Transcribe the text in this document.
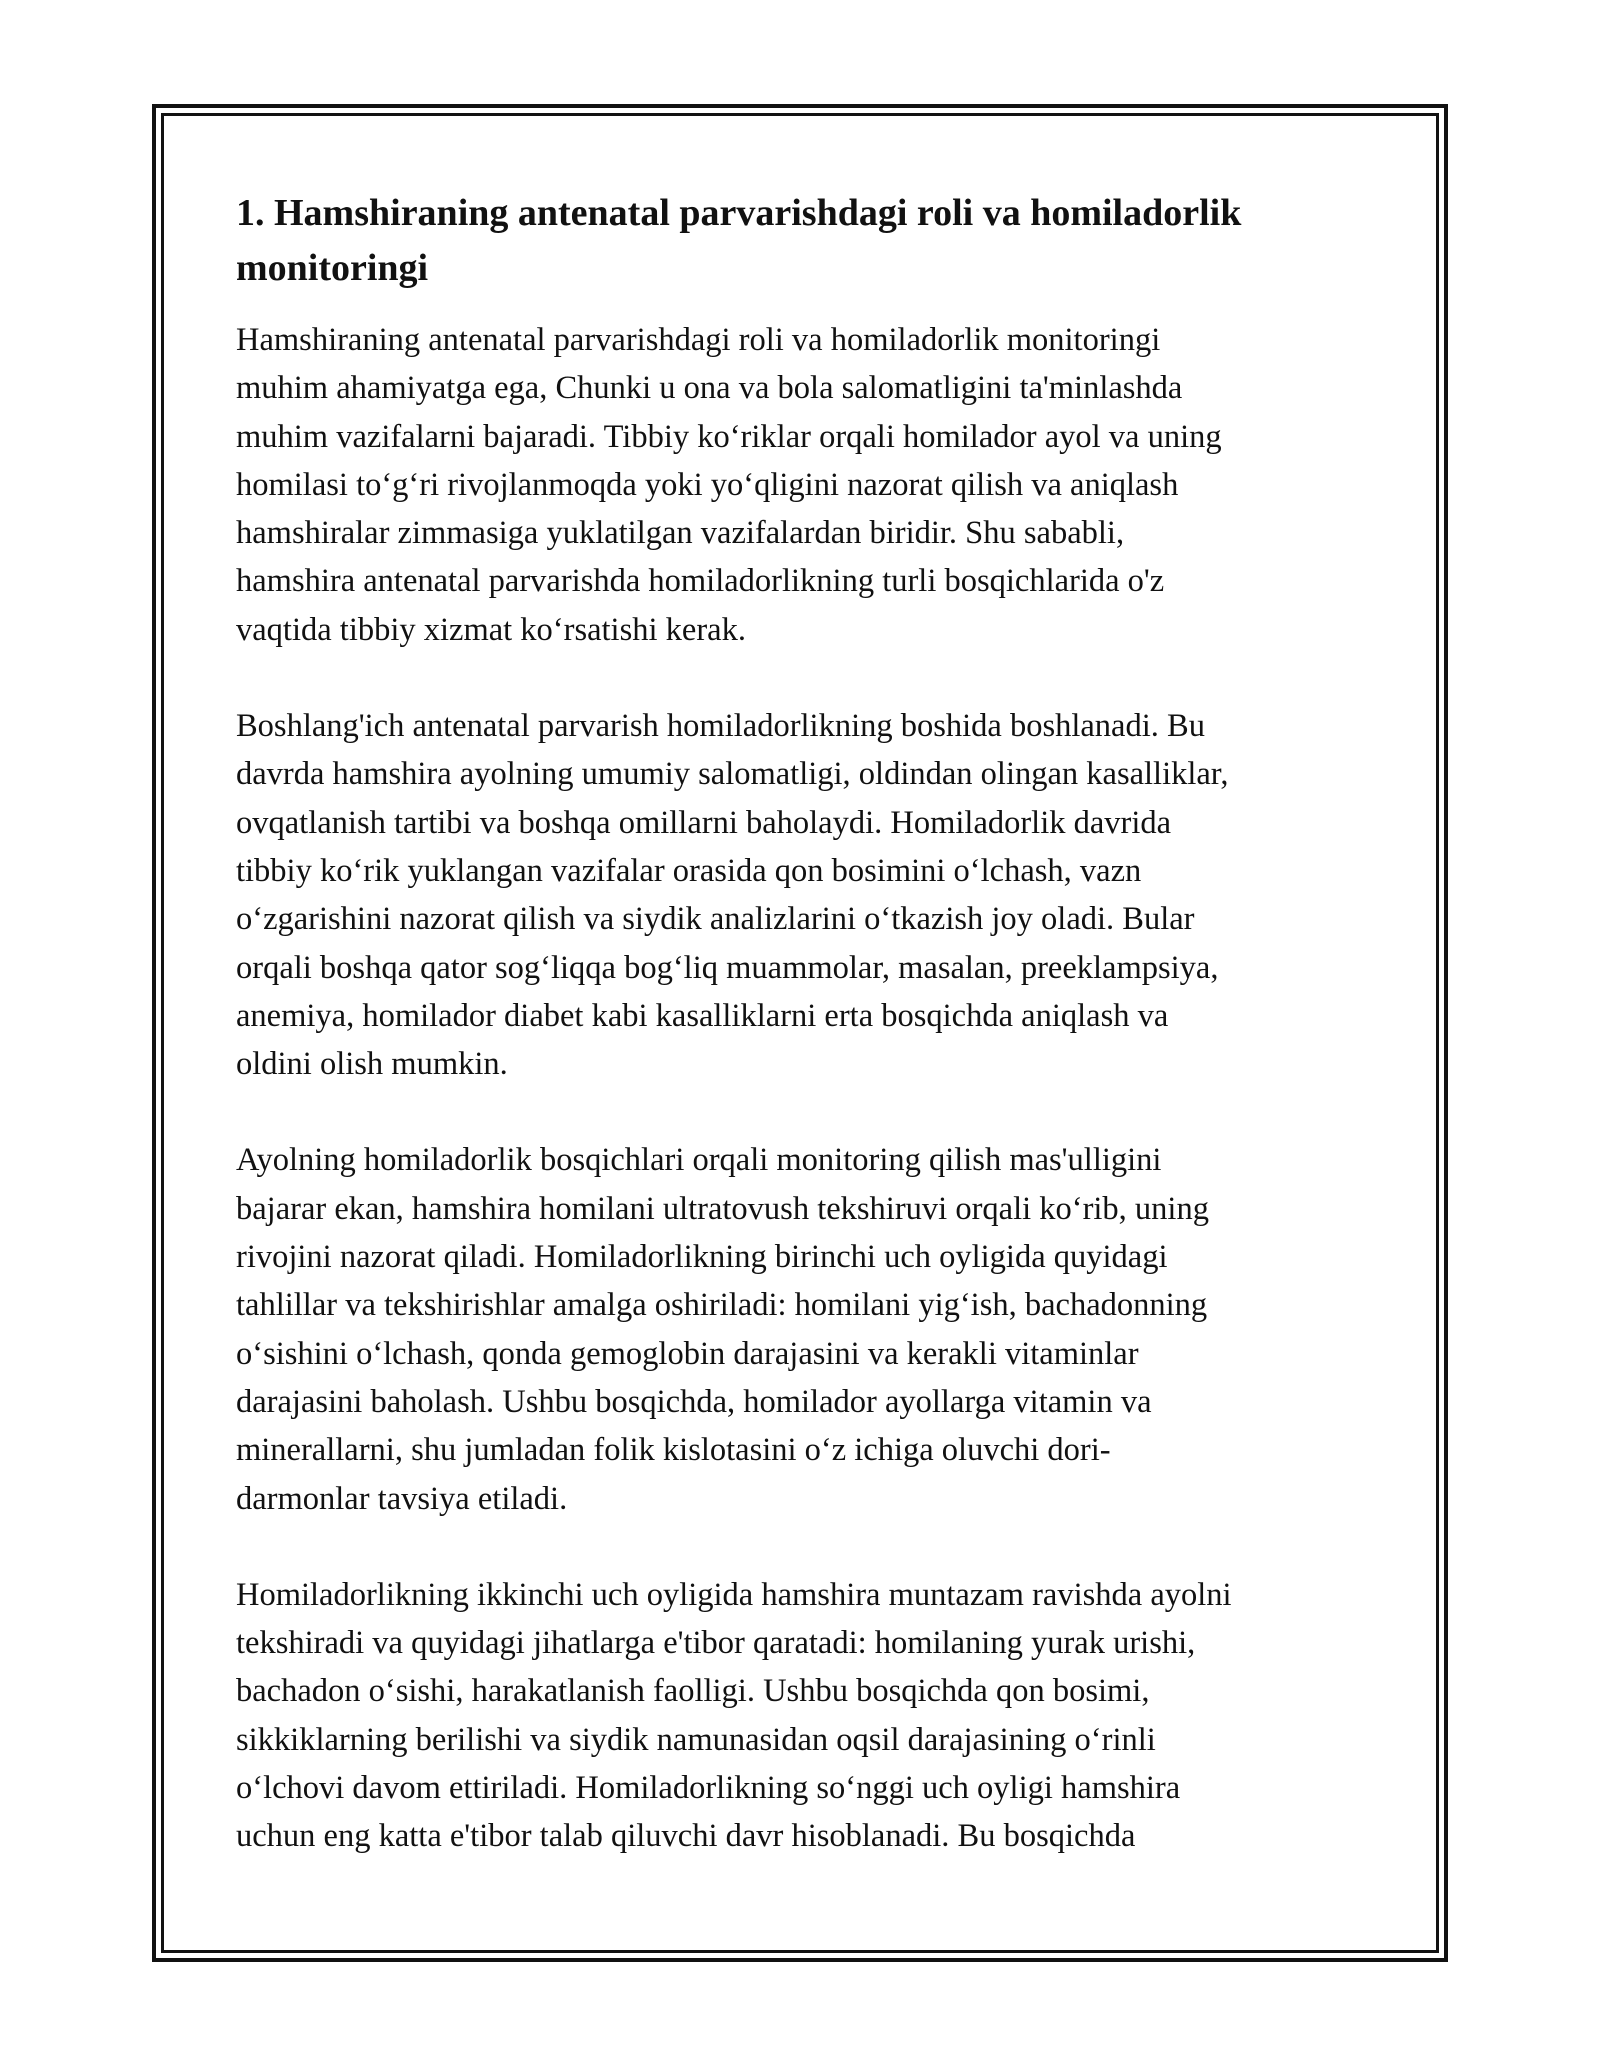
1. Hamshiraning antenatal parvarishdagi roli va homiladorlik monitoringi

Hamshiraning antenatal parvarishdagi roli va homiladorlik monitoringi
muhim ahamiyatga ega, Chunki u ona va bola salomatligini ta'minlashda
muhim vazifalarni bajaradi. Tibbiy koʻriklar orqali homilador ayol va uning
homilasi toʻgʻri rivojlanmoqda yoki yoʻqligini nazorat qilish va aniqlash
hamshiralar zimmasiga yuklatilgan vazifalardan biridir. Shu sababli,
hamshira antenatal parvarishda homiladorlikning turli bosqichlarida o'z
vaqtida tibbiy xizmat koʻrsatishi kerak.

Boshlang'ich antenatal parvarish homiladorlikning boshida boshlanadi. Bu
davrda hamshira ayolning umumiy salomatligi, oldindan olingan kasalliklar,
ovqatlanish tartibi va boshqa omillarni baholaydi. Homiladorlik davrida
tibbiy koʻrik yuklangan vazifalar orasida qon bosimini oʻlchash, vazn
oʻzgarishini nazorat qilish va siydik analizlarini oʻtkazish joy oladi. Bular
orqali boshqa qator sogʻliqqa bogʻliq muammolar, masalan, preeklampsiya,
anemiya, homilador diabet kabi kasalliklarni erta bosqichda aniqlash va
oldini olish mumkin.

Ayolning homiladorlik bosqichlari orqali monitoring qilish mas'ulligini
bajarar ekan, hamshira homilani ultratovush tekshiruvi orqali koʻrib, uning
rivojini nazorat qiladi. Homiladorlikning birinchi uch oyligida quyidagi
tahlillar va tekshirishlar amalga oshiriladi: homilani yigʻish, bachadonning
oʻsishini oʻlchash, qonda gemoglobin darajasini va kerakli vitaminlar
darajasini baholash. Ushbu bosqichda, homilador ayollarga vitamin va
minerallarni, shu jumladan folik kislotasini oʻz ichiga oluvchi dori-
darmonlar tavsiya etiladi.

Homiladorlikning ikkinchi uch oyligida hamshira muntazam ravishda ayolni
tekshiradi va quyidagi jihatlarga e'tibor qaratadi: homilaning yurak urishi,
bachadon oʻsishi, harakatlanish faolligi. Ushbu bosqichda qon bosimi,
sikkiklarning berilishi va siydik namunasidan oqsil darajasining oʻrinli
oʻlchovi davom ettiriladi. Homiladorlikning soʻnggi uch oyligi hamshira
uchun eng katta e'tibor talab qiluvchi davr hisoblanadi. Bu bosqichda
